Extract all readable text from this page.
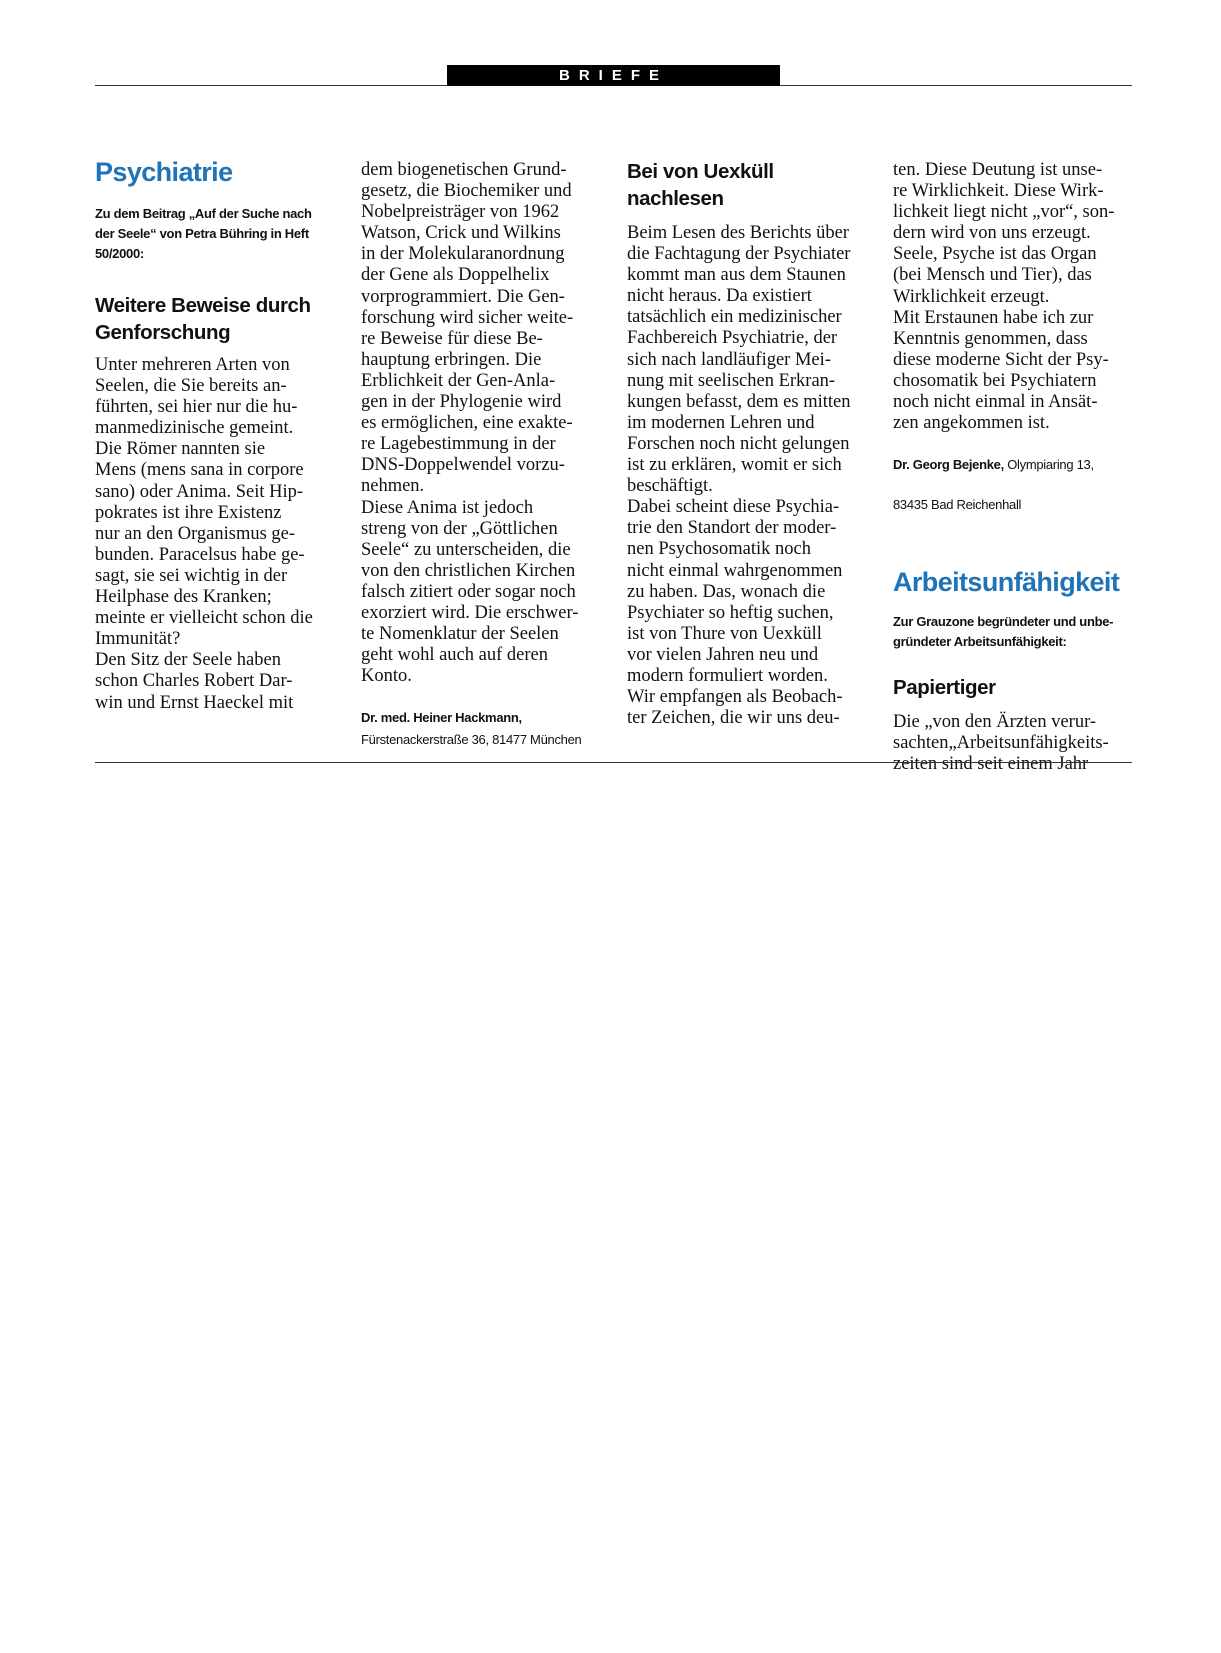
BRIEFE
Psychiatrie
Zu dem Beitrag „Auf der Suche nach
der Seele“ von Petra Bühring in Heft
50/2000:
Weitere Beweise durch
Genforschung
Unter mehreren Arten von
Seelen, die Sie bereits an-
führten, sei hier nur die hu-
manmedizinische gemeint.
Die Römer nannten sie
Mens (mens sana in corpore
sano) oder Anima. Seit Hip-
pokrates ist ihre Existenz
nur an den Organismus ge-
bunden. Paracelsus habe ge-
sagt, sie sei wichtig in der
Heilphase des Kranken;
meinte er vielleicht schon die
Immunität?
Den Sitz der Seele haben
schon Charles Robert Dar-
win und Ernst Haeckel mit
dem biogenetischen Grund-
gesetz, die Biochemiker und
Nobelpreisträger von 1962
Watson, Crick und Wilkins
in der Molekularanordnung
der Gene als Doppelhelix
vorprogrammiert. Die Gen-
forschung wird sicher weite-
re Beweise für diese Be-
hauptung erbringen. Die
Erblichkeit der Gen-Anla-
gen in der Phylogenie wird
es ermöglichen, eine exakte-
re Lagebestimmung in der
DNS-Doppelwendel vorzu-
nehmen.
Diese Anima ist jedoch
streng von der „Göttlichen
Seele“ zu unterscheiden, die
von den christlichen Kirchen
falsch zitiert oder sogar noch
exorziert wird. Die erschwer-
te Nomenklatur der Seelen
geht wohl auch auf deren
Konto.

Dr. med. Heiner Hackmann,

Fürstenackerstraße 36, 81477 München

Bei von Uexküll
nachlesen
Beim Lesen des Berichts über
die Fachtagung der Psychiater
kommt man aus dem Staunen
nicht heraus. Da existiert
tatsächlich ein medizinischer
Fachbereich Psychiatrie, der
sich nach landläufiger Mei-
nung mit seelischen Erkran-
kungen befasst, dem es mitten
im modernen Lehren und
Forschen noch nicht gelungen
ist zu erklären, womit er sich
beschäftigt.
Dabei scheint diese Psychia-
trie den Standort der moder-
nen Psychosomatik noch
nicht einmal wahrgenommen
zu haben. Das, wonach die
Psychiater so heftig suchen,
ist von Thure von Uexküll
vor vielen Jahren neu und
modern formuliert worden.
Wir empfangen als Beobach-
ter Zeichen, die wir uns deu-
ten. Diese Deutung ist unse-
re Wirklichkeit. Diese Wirk-
lichkeit liegt nicht „vor“, son-
dern wird von uns erzeugt.
Seele, Psyche ist das Organ
(bei Mensch und Tier), das
Wirklichkeit erzeugt.
Mit Erstaunen habe ich zur
Kenntnis genommen, dass
diese moderne Sicht der Psy-
chosomatik bei Psychiatern
noch nicht einmal in Ansät-
zen angekommen ist.

Dr. Georg Bejenke, Olympiaring 13,

83435 Bad Reichenhall

Arbeitsunfähigkeit
Zur Grauzone begründeter und unbe-
gründeter Arbeitsunfähigkeit:
Papiertiger
Die „von den Ärzten verur-
sachten„Arbeitsunfähigkeits-
zeiten sind seit einem Jahr
